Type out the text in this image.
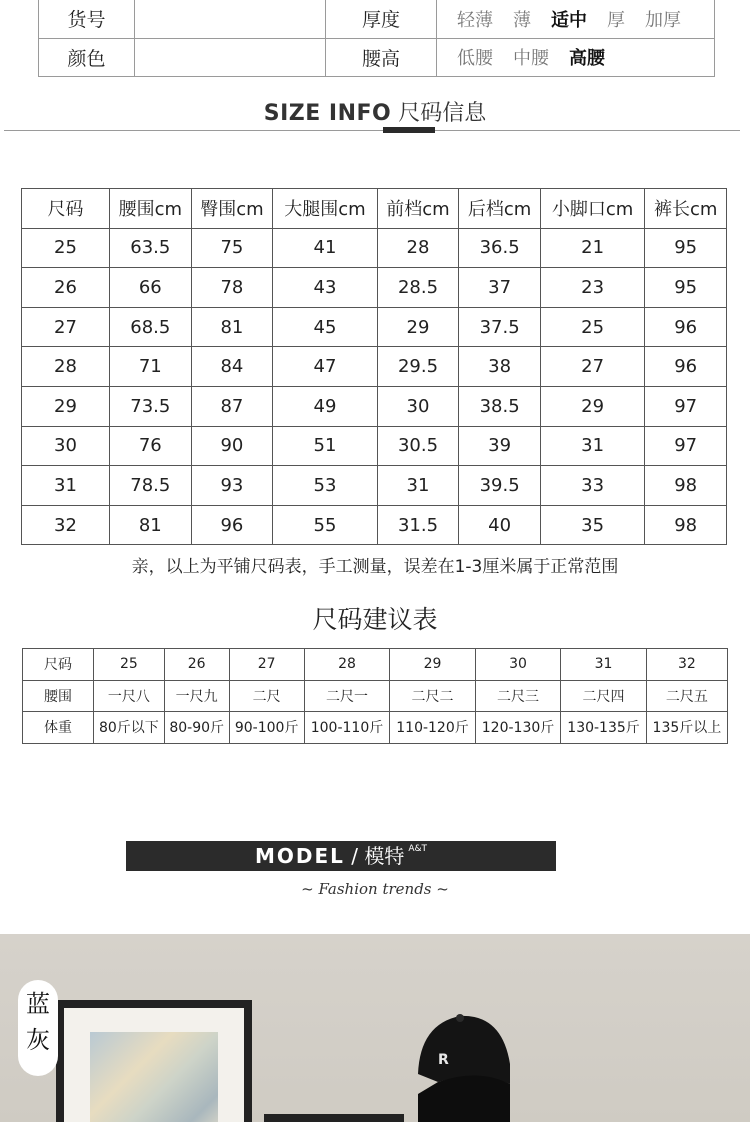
货号		厚度	轻薄 薄 适中 厚 加厚
颜色		腰高	低腰 中腰 高腰
SIZE INFO 尺码信息
尺码	腰围cm	臀围cm	大腿围cm	前档cm	后档cm	小脚口cm	裤长cm
25	63.5	75	41	28	36.5	21	95
26	66	78	43	28.5	37	23	95
27	68.5	81	45	29	37.5	25	96
28	71	84	47	29.5	38	27	96
29	73.5	87	49	30	38.5	29	97
30	76	90	51	30.5	39	31	97
31	78.5	93	53	31	39.5	33	98
32	81	96	55	31.5	40	35	98
亲，以上为平铺尺码表，手工测量，误差在1-3厘米属于正常范围
尺码建议表
尺码	25	26	27	28	29	30	31	32
腰围	一尺八	一尺九	二尺	二尺一	二尺二	二尺三	二尺四	二尺五
体重	80斤以下	80-90斤	90-100斤	100-110斤	110-120斤	120-130斤	130-135斤	135斤以上
MODEL / 模特 $^{A\&T}$
~ Fashion trends ~
R
蓝
灰
